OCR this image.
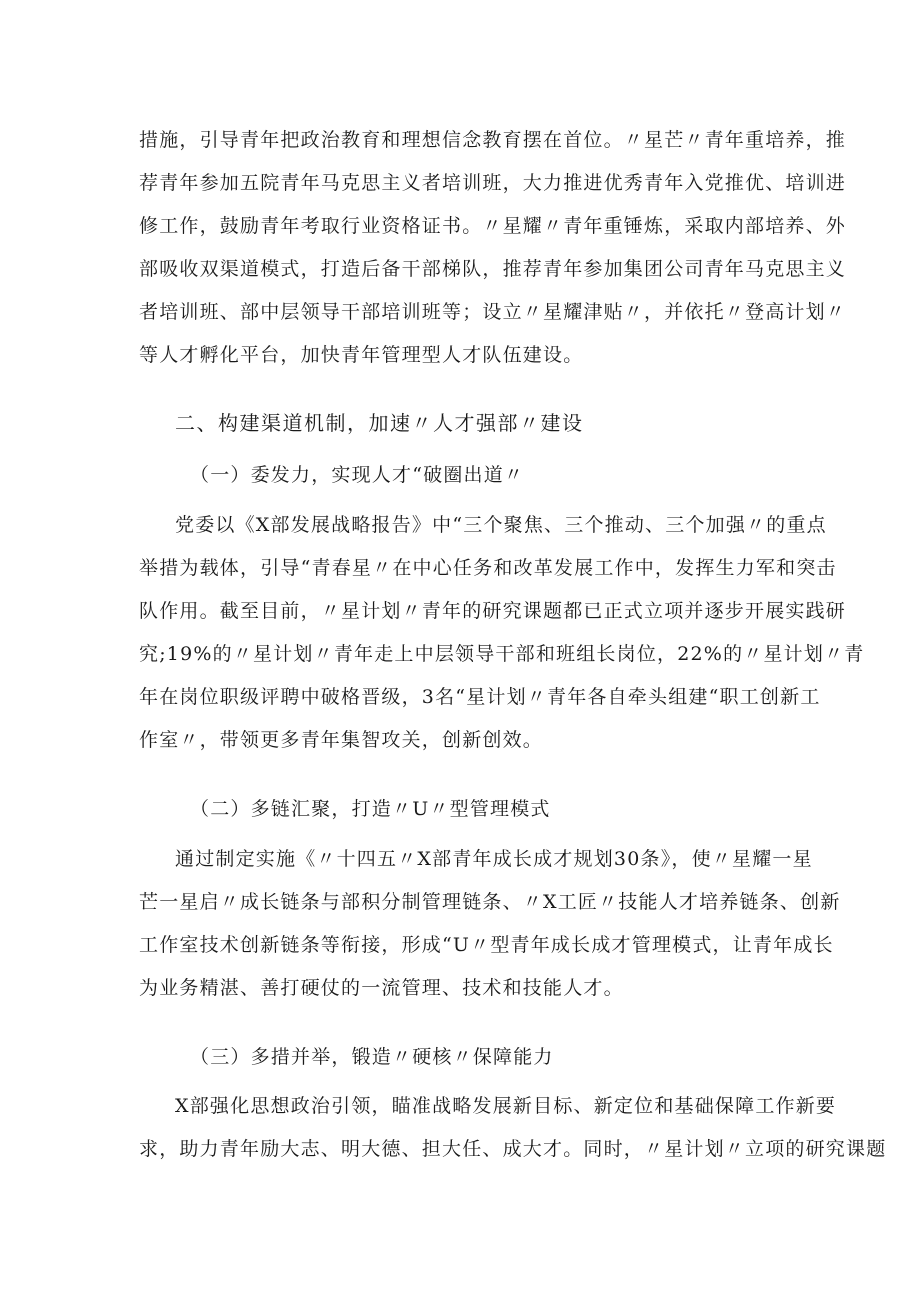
措施，引导青年把政治教育和理想信念教育摆在首位。〃星芒〃青年重培养，推
荐青年参加五院青年马克思主义者培训班，大力推进优秀青年入党推优、培训进
修工作，鼓励青年考取行业资格证书。〃星耀〃青年重锤炼，采取内部培养、外
部吸收双渠道模式，打造后备干部梯队，推荐青年参加集团公司青年马克思主义
者培训班、部中层领导干部培训班等；设立〃星耀津贴〃，并依托〃登高计划〃
等人才孵化平台，加快青年管理型人才队伍建设。
二、构建渠道机制，加速〃人才强部〃建设
（一）委发力，实现人才“破圈出道〃
党委以《X部发展战略报告》中“三个聚焦、三个推动、三个加强〃的重点
举措为载体，引导“青春星〃在中心任务和改革发展工作中，发挥生力军和突击
队作用。截至目前，〃星计划〃青年的研究课题都已正式立项并逐步开展实践研
究;19%的〃星计划〃青年走上中层领导干部和班组长岗位，22%的〃星计划〃青
年在岗位职级评聘中破格晋级，3名“星计划〃青年各自牵头组建“职工创新工
作室〃，带领更多青年集智攻关，创新创效。
（二）多链汇聚，打造〃U〃型管理模式
通过制定实施《〃十四五〃X部青年成长成才规划30条》，使〃星耀一星
芒一星启〃成长链条与部积分制管理链条、〃X工匠〃技能人才培养链条、创新
工作室技术创新链条等衔接，形成“U〃型青年成长成才管理模式，让青年成长
为业务精湛、善打硬仗的一流管理、技术和技能人才。
（三）多措并举，锻造〃硬核〃保障能力
X部强化思想政治引领，瞄准战略发展新目标、新定位和基础保障工作新要
求，助力青年励大志、明大德、担大任、成大才。同时，〃星计划〃立项的研究课题
